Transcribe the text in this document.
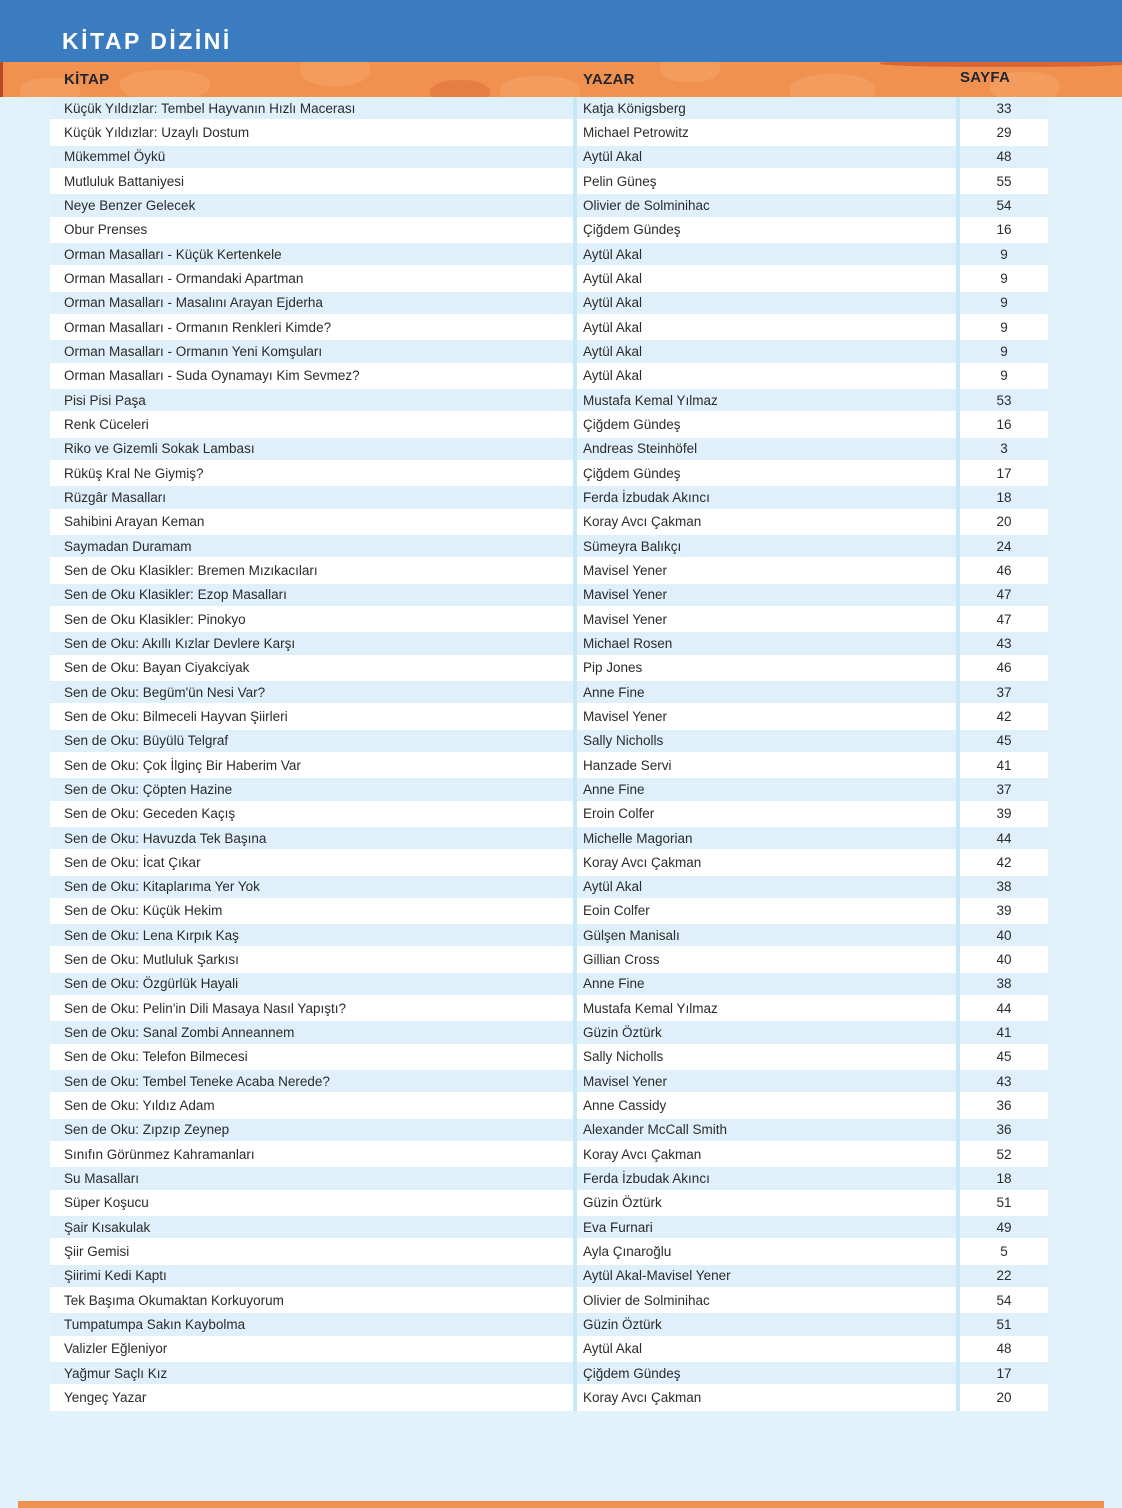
KİTAP DİZİNİ
KİTAP	YAZAR	SAYFA
Küçük Yıldızlar: Tembel Hayvanın Hızlı Macerası	Katja Königsberg	33
Küçük Yıldızlar: Uzaylı Dostum	Michael Petrowitz	29
Mükemmel Öykü	Aytül Akal	48
Mutluluk Battaniyesi	Pelin Güneş	55
Neye Benzer Gelecek	Olivier de Solminihac	54
Obur Prenses	Çiğdem Gündeş	16
Orman Masalları - Küçük Kertenkele	Aytül Akal	9
Orman Masalları - Ormandaki Apartman	Aytül Akal	9
Orman Masalları - Masalını Arayan Ejderha	Aytül Akal	9
Orman Masalları - Ormanın Renkleri Kimde?	Aytül Akal	9
Orman Masalları - Ormanın Yeni Komşuları	Aytül Akal	9
Orman Masalları - Suda Oynamayı Kim Sevmez?	Aytül Akal	9
Pisi Pisi Paşa	Mustafa Kemal Yılmaz	53
Renk Cüceleri	Çiğdem Gündeş	16
Riko ve Gizemli Sokak Lambası	Andreas Steinhöfel	3
Rüküş Kral Ne Giymiş?	Çiğdem Gündeş	17
Rüzgâr Masalları	Ferda İzbudak Akıncı	18
Sahibini Arayan Keman	Koray Avcı Çakman	20
Saymadan Duramam	Sümeyra Balıkçı	24
Sen de Oku Klasikler: Bremen Mızıkacıları	Mavisel Yener	46
Sen de Oku Klasikler: Ezop Masalları	Mavisel Yener	47
Sen de Oku Klasikler: Pinokyo	Mavisel Yener	47
Sen de Oku: Akıllı Kızlar Devlere Karşı	Michael Rosen	43
Sen de Oku: Bayan Ciyakciyak	Pip Jones	46
Sen de Oku: Begüm'ün Nesi Var?	Anne Fine	37
Sen de Oku: Bilmeceli Hayvan Şiirleri	Mavisel Yener	42
Sen de Oku: Büyülü Telgraf	Sally Nicholls	45
Sen de Oku: Çok İlginç Bir Haberim Var	Hanzade Servi	41
Sen de Oku: Çöpten Hazine	Anne Fine	37
Sen de Oku: Geceden Kaçış	Eroin Colfer	39
Sen de Oku: Havuzda Tek Başına	Michelle Magorian	44
Sen de Oku: İcat Çıkar	Koray Avcı Çakman	42
Sen de Oku: Kitaplarıma Yer Yok	Aytül Akal	38
Sen de Oku: Küçük Hekim	Eoin Colfer	39
Sen de Oku: Lena Kırpık Kaş	Gülşen Manisalı	40
Sen de Oku: Mutluluk Şarkısı	Gillian Cross	40
Sen de Oku: Özgürlük Hayali	Anne Fine	38
Sen de Oku: Pelin'in Dili Masaya Nasıl Yapıştı?	Mustafa Kemal Yılmaz	44
Sen de Oku: Sanal Zombi Anneannem	Güzin Öztürk	41
Sen de Oku: Telefon Bilmecesi	Sally Nicholls	45
Sen de Oku: Tembel Teneke Acaba Nerede?	Mavisel Yener	43
Sen de Oku: Yıldız Adam	Anne Cassidy	36
Sen de Oku: Zıpzıp Zeynep	Alexander McCall Smith	36
Sınıfın Görünmez Kahramanları	Koray Avcı Çakman	52
Su Masalları	Ferda İzbudak Akıncı	18
Süper Koşucu	Güzin Öztürk	51
Şair Kısakulak	Eva Furnari	49
Şiir Gemisi	Ayla Çınaroğlu	5
Şiirimi Kedi Kaptı	Aytül Akal-Mavisel Yener	22
Tek Başıma Okumaktan Korkuyorum	Olivier de Solminihac	54
Tumpatumpa Sakın Kaybolma	Güzin Öztürk	51
Valizler Eğleniyor	Aytül Akal	48
Yağmur Saçlı Kız	Çiğdem Gündeş	17
Yengeç Yazar	Koray Avcı Çakman	20
